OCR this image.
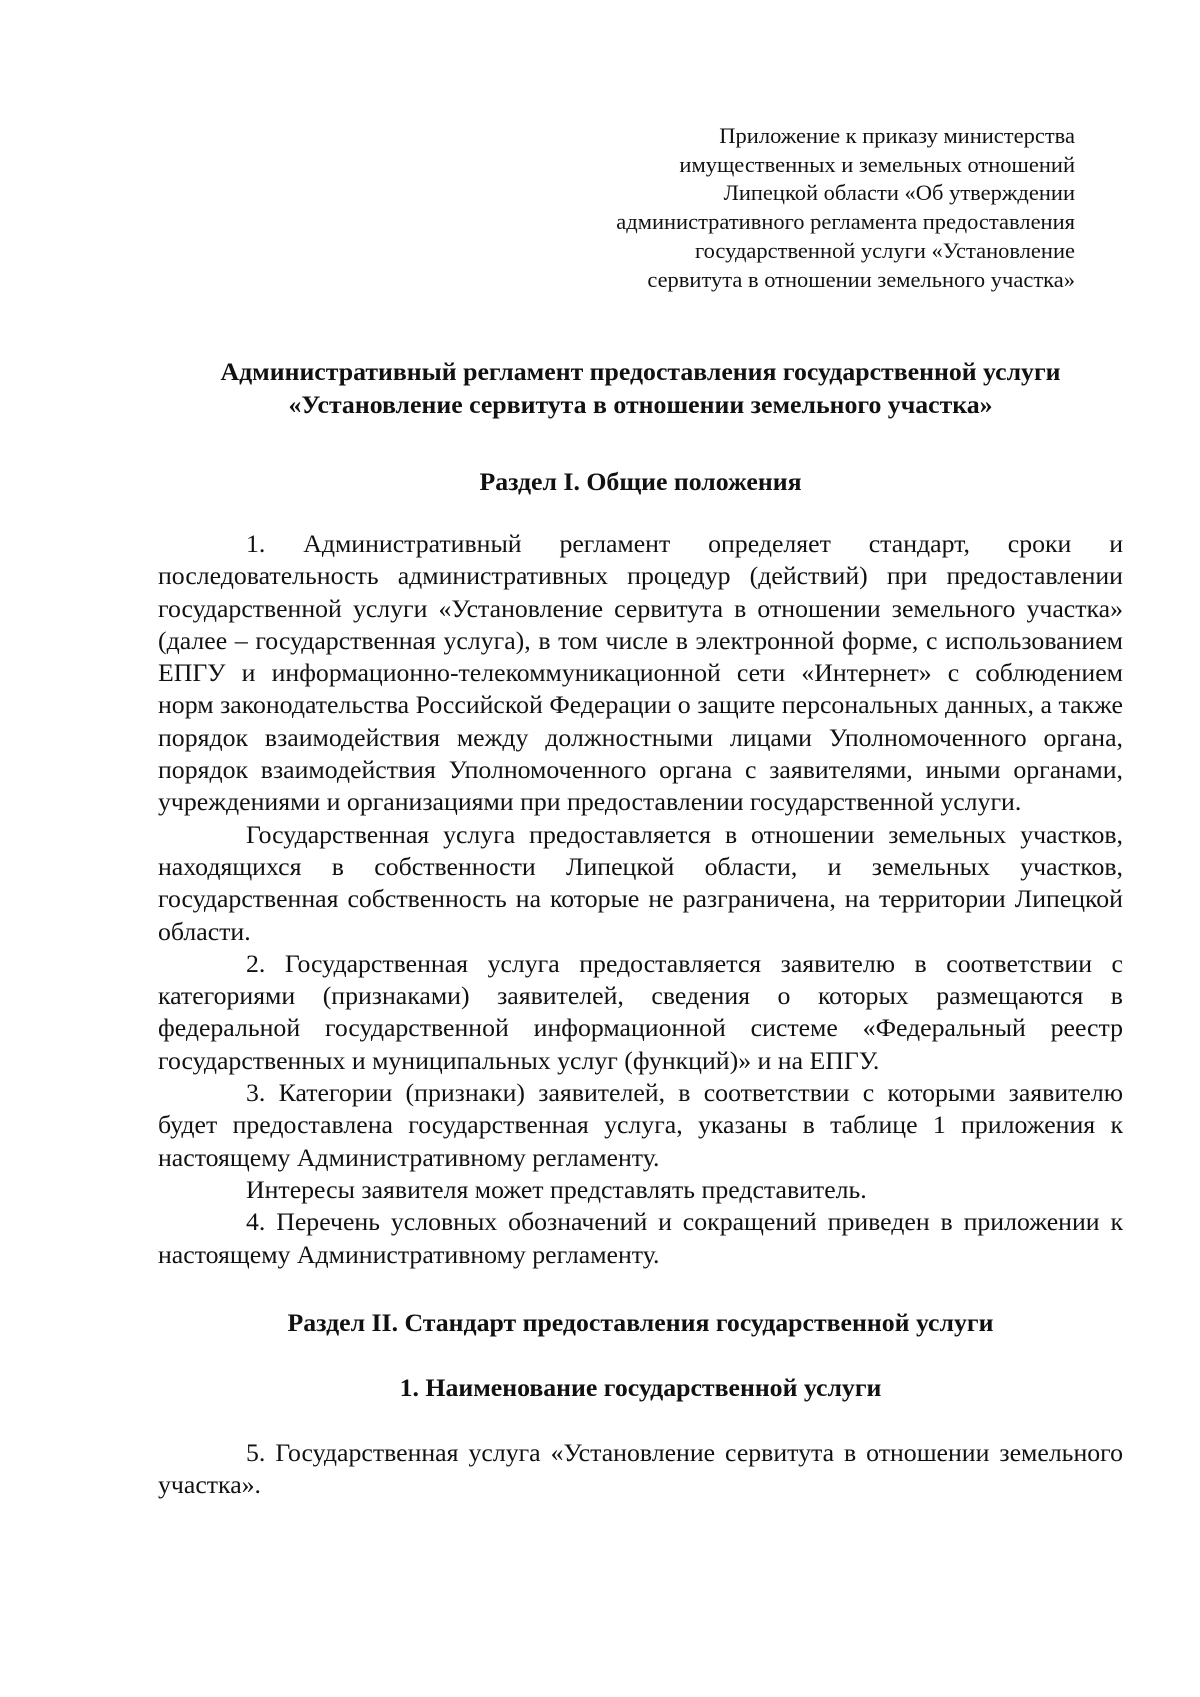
Приложение к приказу министерства
имущественных и земельных отношений
Липецкой области «Об утверждении
административного регламента предоставления
государственной услуги «Установление
сервитута в отношении земельного участка»
Административный регламент предоставления государственной услуги
«Установление сервитута в отношении земельного участка»
Раздел I. Общие положения

1. Административный регламент определяет стандарт, сроки и последовательность административных процедур (действий) при предоставлении государственной услуги «Установление сервитута в отношении земельного участка» (далее – государственная услуга), в том числе в электронной форме, с использованием ЕПГУ и информационно-телекоммуникационной сети «Интернет» с соблюдением норм законодательства Российской Федерации о защите персональных данных, а также порядок взаимодействия между должностными лицами Уполномоченного органа, порядок взаимодействия Уполномоченного органа с заявителями, иными органами, учреждениями и организациями при предоставлении государственной услуги.

Государственная услуга предоставляется в отношении земельных участков, находящихся в собственности Липецкой области, и земельных участков, государственная собственность на которые не разграничена, на территории Липецкой области.

2. Государственная услуга предоставляется заявителю в соответствии с категориями (признаками) заявителей, сведения о которых размещаются в федеральной государственной информационной системе «Федеральный реестр государственных и муниципальных услуг (функций)» и на ЕПГУ.

3. Категории (признаки) заявителей, в соответствии с которыми заявителю будет предоставлена государственная услуга, указаны в таблице 1 приложения к настоящему Административному регламенту.

Интересы заявителя может представлять представитель.

4. Перечень условных обозначений и сокращений приведен в приложении к настоящему Административному регламенту.

Раздел II. Стандарт предоставления государственной услуги
1. Наименование государственной услуги

5. Государственная услуга «Установление сервитута в отношении земельного участка».
